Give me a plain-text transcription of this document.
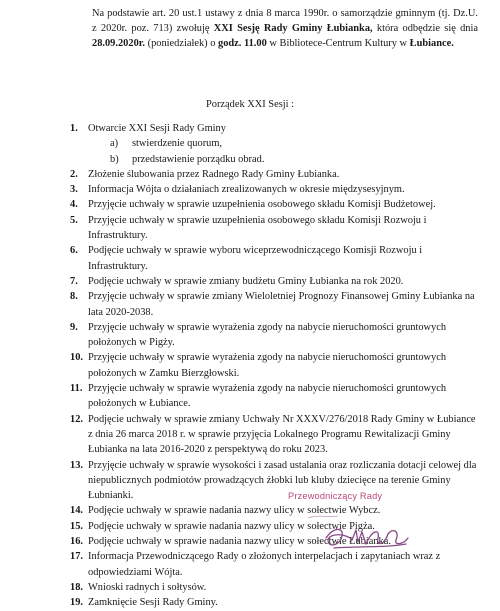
Na podstawie art. 20 ust.1 ustawy z dnia 8 marca 1990r. o samorządzie gminnym (tj. Dz.U. z 2020r. poz. 713) zwołuję XXI Sesję Rady Gminy Łubianka, która odbędzie się dnia 28.09.2020r. (poniedziałek) o godz. 11.00 w Bibliotece-Centrum Kultury w Łubiance.

Porządek XXI Sesji :
1. Otwarcie XXI Sesji Rady Gminy
a) stwierdzenie quorum,
b) przedstawienie porządku obrad.
2. Złożenie ślubowania przez Radnego Rady Gminy Łubianka.
3. Informacja Wójta o działaniach zrealizowanych w okresie międzysesyjnym.
4. Przyjęcie uchwały w sprawie uzupełnienia osobowego składu Komisji Budżetowej.
5. Przyjęcie uchwały w sprawie uzupełnienia osobowego składu Komisji Rozwoju i Infrastruktury.
6. Podjęcie uchwały w sprawie wyboru wiceprzewodniczącego Komisji Rozwoju i Infrastruktury.
7. Podjęcie uchwały w sprawie zmiany budżetu Gminy Łubianka na rok 2020.
8. Przyjęcie uchwały w sprawie zmiany Wieloletniej Prognozy Finansowej Gminy Łubianka na lata 2020-2038.
9. Przyjęcie uchwały w sprawie wyrażenia zgody na nabycie nieruchomości gruntowych położonych w Pigży.
10. Przyjęcie uchwały w sprawie wyrażenia zgody na nabycie nieruchomości gruntowych położonych w Zamku Bierzgłowski.
11. Przyjęcie uchwały w sprawie wyrażenia zgody na nabycie nieruchomości gruntowych położonych w Łubiance.
12. Podjęcie uchwały w sprawie zmiany Uchwały Nr XXXV/276/2018 Rady Gminy w Łubiance z dnia 26 marca 2018 r. w sprawie przyjęcia Lokalnego Programu Rewitalizacji Gminy Łubianka na lata 2016-2020 z perspektywą do roku 2023.
13. Przyjęcie uchwały w sprawie wysokości i zasad ustalania oraz rozliczania dotacji celowej dla niepublicznych podmiotów prowadzących żłobki lub kluby dziecięce na terenie Gminy Łubnianki.
14. Podjęcie uchwały w sprawie nadania nazwy ulicy w sołectwie Wybcz.
15. Podjęcie uchwały w sprawie nadania nazwy ulicy w sołectwie Pigża.
16. Podjęcie uchwały w sprawie nadania nazwy ulicy w sołectwie Łubianka.
17. Informacja Przewodniczącego Rady o złożonych interpelacjach i zapytaniach wraz z odpowiedziami Wójta.
18. Wnioski radnych i sołtysów.
19. Zamknięcie Sesji Rady Gminy.
Przewodniczący Rady
